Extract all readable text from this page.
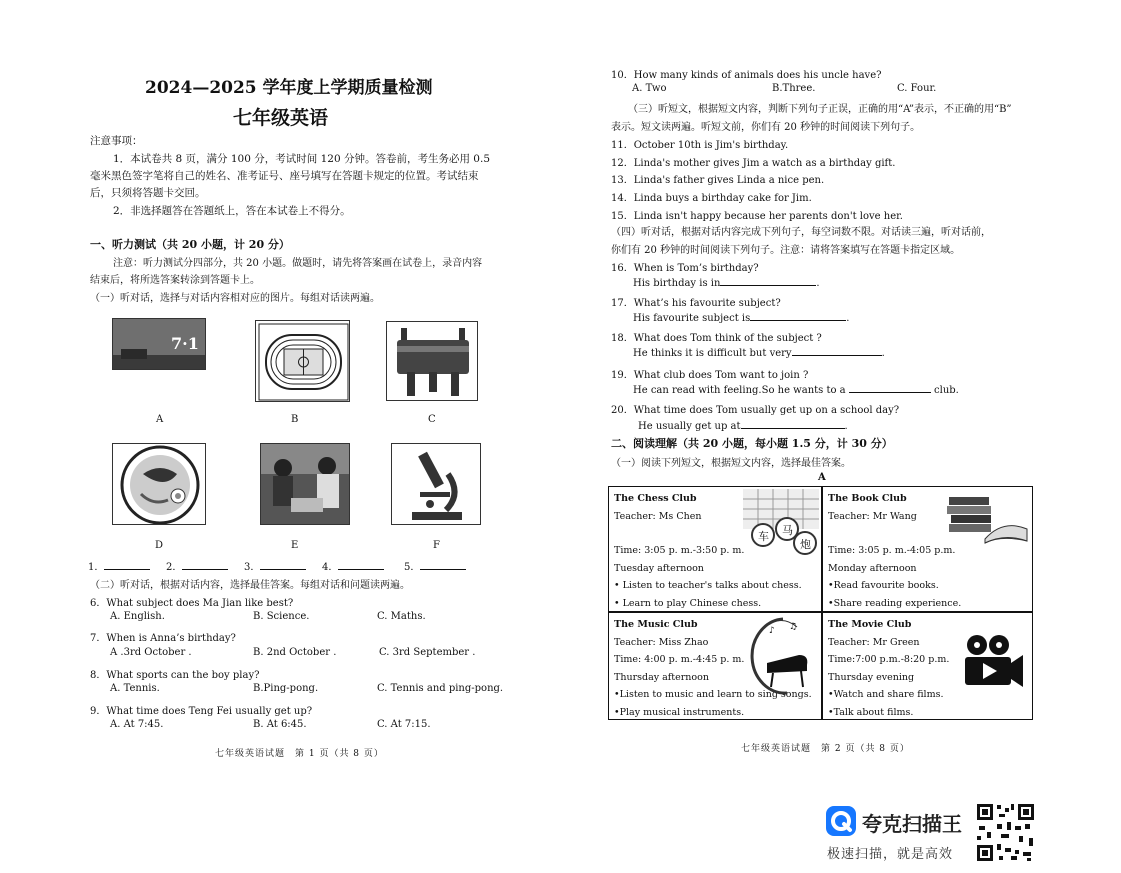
2024—2025 学年度上学期质量检测
七年级英语
注意事项：
1．本试卷共 8 页，满分 100 分，考试时间 120 分钟。答卷前，考生务必用 0.5
毫米黑色签字笔将自己的姓名、准考证号、座号填写在答题卡规定的位置。考试结束
后，只须将答题卡交回。
2．非选择题答在答题纸上，答在本试卷上不得分。
一、听力测试（共 20 小题，计 20 分）
注意：听力测试分四部分，共 20 小题。做题时，请先将答案画在试卷上，录音内容
结束后，将所选答案转涂到答题卡上。
（一）听对话，选择与对话内容相对应的图片。每组对话读两遍。
7·1
A	B	C
D	E	F
1．	2．	3．	4．	5．
（二）听对话，根据对话内容，选择最佳答案。每组对话和问题读两遍。
6．What subject does Ma Jian like best?
A. English.	B. Science.	C. Maths.
7．When is Anna’s birthday?
A .3rd October .	B. 2nd October .	C. 3rd September .
8．What sports can the boy play?
A. Tennis.	B.Ping-pong.	C. Tennis and ping-pong.
9．What time does Teng Fei usually get up?
A. At 7:45.	B. At 6:45.	C. At 7:15.
七年级英语试题　第 1 页（共 8 页）
10．How many kinds of animals does his uncle have?
A. Two	B.Three.	C. Four.
（三）听短文，根据短文内容，判断下列句子正误，正确的用“A”表示，不正确的用“B”
表示。短文读两遍。听短文前，你们有 20 秒钟的时间阅读下列句子。
11．October 10th is Jim's birthday.
12．Linda's mother gives Jim a watch as a birthday gift.
13．Linda's father gives Linda a nice pen.
14．Linda buys a birthday cake for Jim.
15．Linda isn't happy because her parents don't love her.
（四）听对话，根据对话内容完成下列句子，每空词数不限。对话读三遍，听对话前，
你们有 20 秒钟的时间阅读下列句子。注意：请将答案填写在答题卡指定区域。
16．When is Tom’s birthday?
His birthday is in	.
17．What’s his favourite subject?
His favourite subject is	.
18．What does Tom think of the subject ?
He thinks it is difficult but very	.
19．What club does Tom want to join ?
He can read with feeling.So he wants to a	club.
20．What time does Tom usually get up on a school day?
He usually get up at	.
二、阅读理解（共 20 小题，每小题 1.5 分，计 30 分）
（一）阅读下列短文，根据短文内容，选择最佳答案。
A
The Chess Club
Teacher: Ms Chen
Time: 3:05 p. m.-3:50 p. m.
Tuesday afternoon
• Listen to teacher's talks about chess.
• Learn to play Chinese chess.
车 马
炮
The Book Club
Teacher: Mr Wang
Time: 3:05 p. m.-4:05 p.m.
Monday afternoon
•Read favourite books.
•Share reading experience.
The Music Club
Teacher: Miss Zhao
Time: 4:00 p. m.-4:45 p. m.
Thursday afternoon
•Listen to music and learn to sing songs.
•Play musical instruments.
♪ ♫	The Movie Club
Teacher: Mr Green
Time:7:00 p.m.-8:20 p.m.
Thursday evening
•Watch and share films.
•Talk about films.
七年级英语试题　第 2 页（共 8 页）
夸克扫描王
极速扫描，就是高效
